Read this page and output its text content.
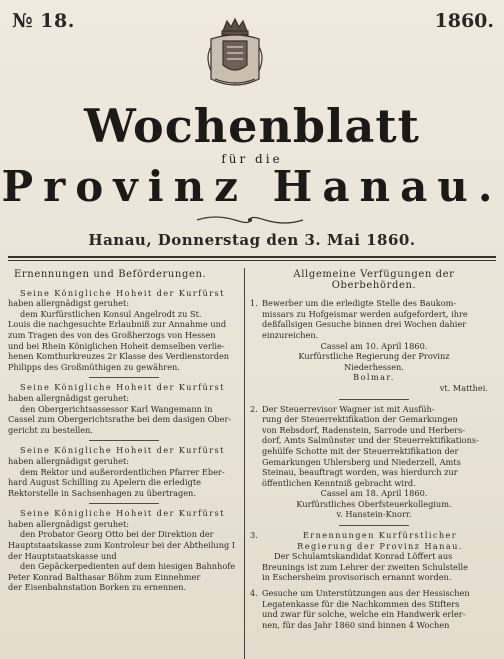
№ 18.	1860.
Wochenblatt
für die
Provinz Hanau.
Hanau, Donnerstag den 3. Mai 1860.
Ernennungen und Beförderungen.
Seine Königliche Hoheit der Kurfürst
haben allergnädigst geruhet:
dem Kurfürstlichen Konsul Angelrodt zu St.
Louis die nachgesuchte Erlaubniß zur Annahme und
zum Tragen des von des Großherzogs von Hessen
und bei Rhein Königlichen Hoheit demselben verlie-
henen Komthurkreuzes 2r Klasse des Verdienstorden
Philipps des Großmüthigen zu gewähren.
Seine Königliche Hoheit der Kurfürst
haben allergnädigst geruhet:
den Obergerichtsassessor Karl Wangemann in
Cassel zum Obergerichtsrathe bei dem dasigen Ober-
gericht zu bestellen.
Seine Königliche Hoheit der Kurfürst
haben allergnädigst geruhet:
dem Rektor und außerordentlichen Pfarrer Eber-
hard August Schilling zu Apelern die erledigte
Rektorstelle in Sachsenhagen zu übertragen.
Seine Königliche Hoheit der Kurfürst
haben allergnädigst geruhet:
den Probator Georg Otto bei der Direktion der
Hauptstaatskasse zum Kontroleur bei der Abtheilung I
der Hauptstaatskasse und
den Gepäckerpedienten auf dem hiesigen Bahnhofe
Peter Konrad Balthasar Böhm zum Einnehmer
der Eisenbahnstation Borken zu ernennen.
Allgemeine Verfügungen der Oberbehörden.
1. Bewerber um die erledigte Stelle des Baukom-
missars zu Hofgeismar werden aufgefordert, ihre
deßfallsigen Gesuche binnen drei Wochen dahier
einzureichen.
Cassel am 10. April 1860.
Kurfürstliche Regierung der Provinz
Niederhessen.
Bolmar.
vt. Matthei.
2. Der Steuerrevisor Wagner ist mit Ausfüh-
rung der Steuerrektifikation der Gemarkungen
von Rebsdorf, Radenstein, Sarrode und Herbers-
dorf, Amts Salmünster und der Steuerrektifikations-
gehülfe Schotte mit der Steuerrektifikation der
Gemarkungen Uhlersberg und Niederzell, Amts
Steinau, beauftragt worden, was hierdurch zur
öffentlichen Kenntniß gebracht wird.
Cassel am 18. April 1860.
Kurfürstliches Oberfsteuerkollegium.
v. Hanstein-Knorr.
3.	Ernennungen Kurfürstlicher
Regierung der Provinz Hanau.
Der Schulamtskandidat Konrad Löffert aus
Breunings ist zum Lehrer der zweiten Schulstelle
in Eschersheim provisorisch ernannt worden.
4. Gesuche um Unterstützungen aus der Hessischen
Legatenkasse für die Nachkommen des Stifters
und zwar für solche, welche ein Handwerk erler-
nen, für das Jahr 1860 sind binnen 4 Wochen
